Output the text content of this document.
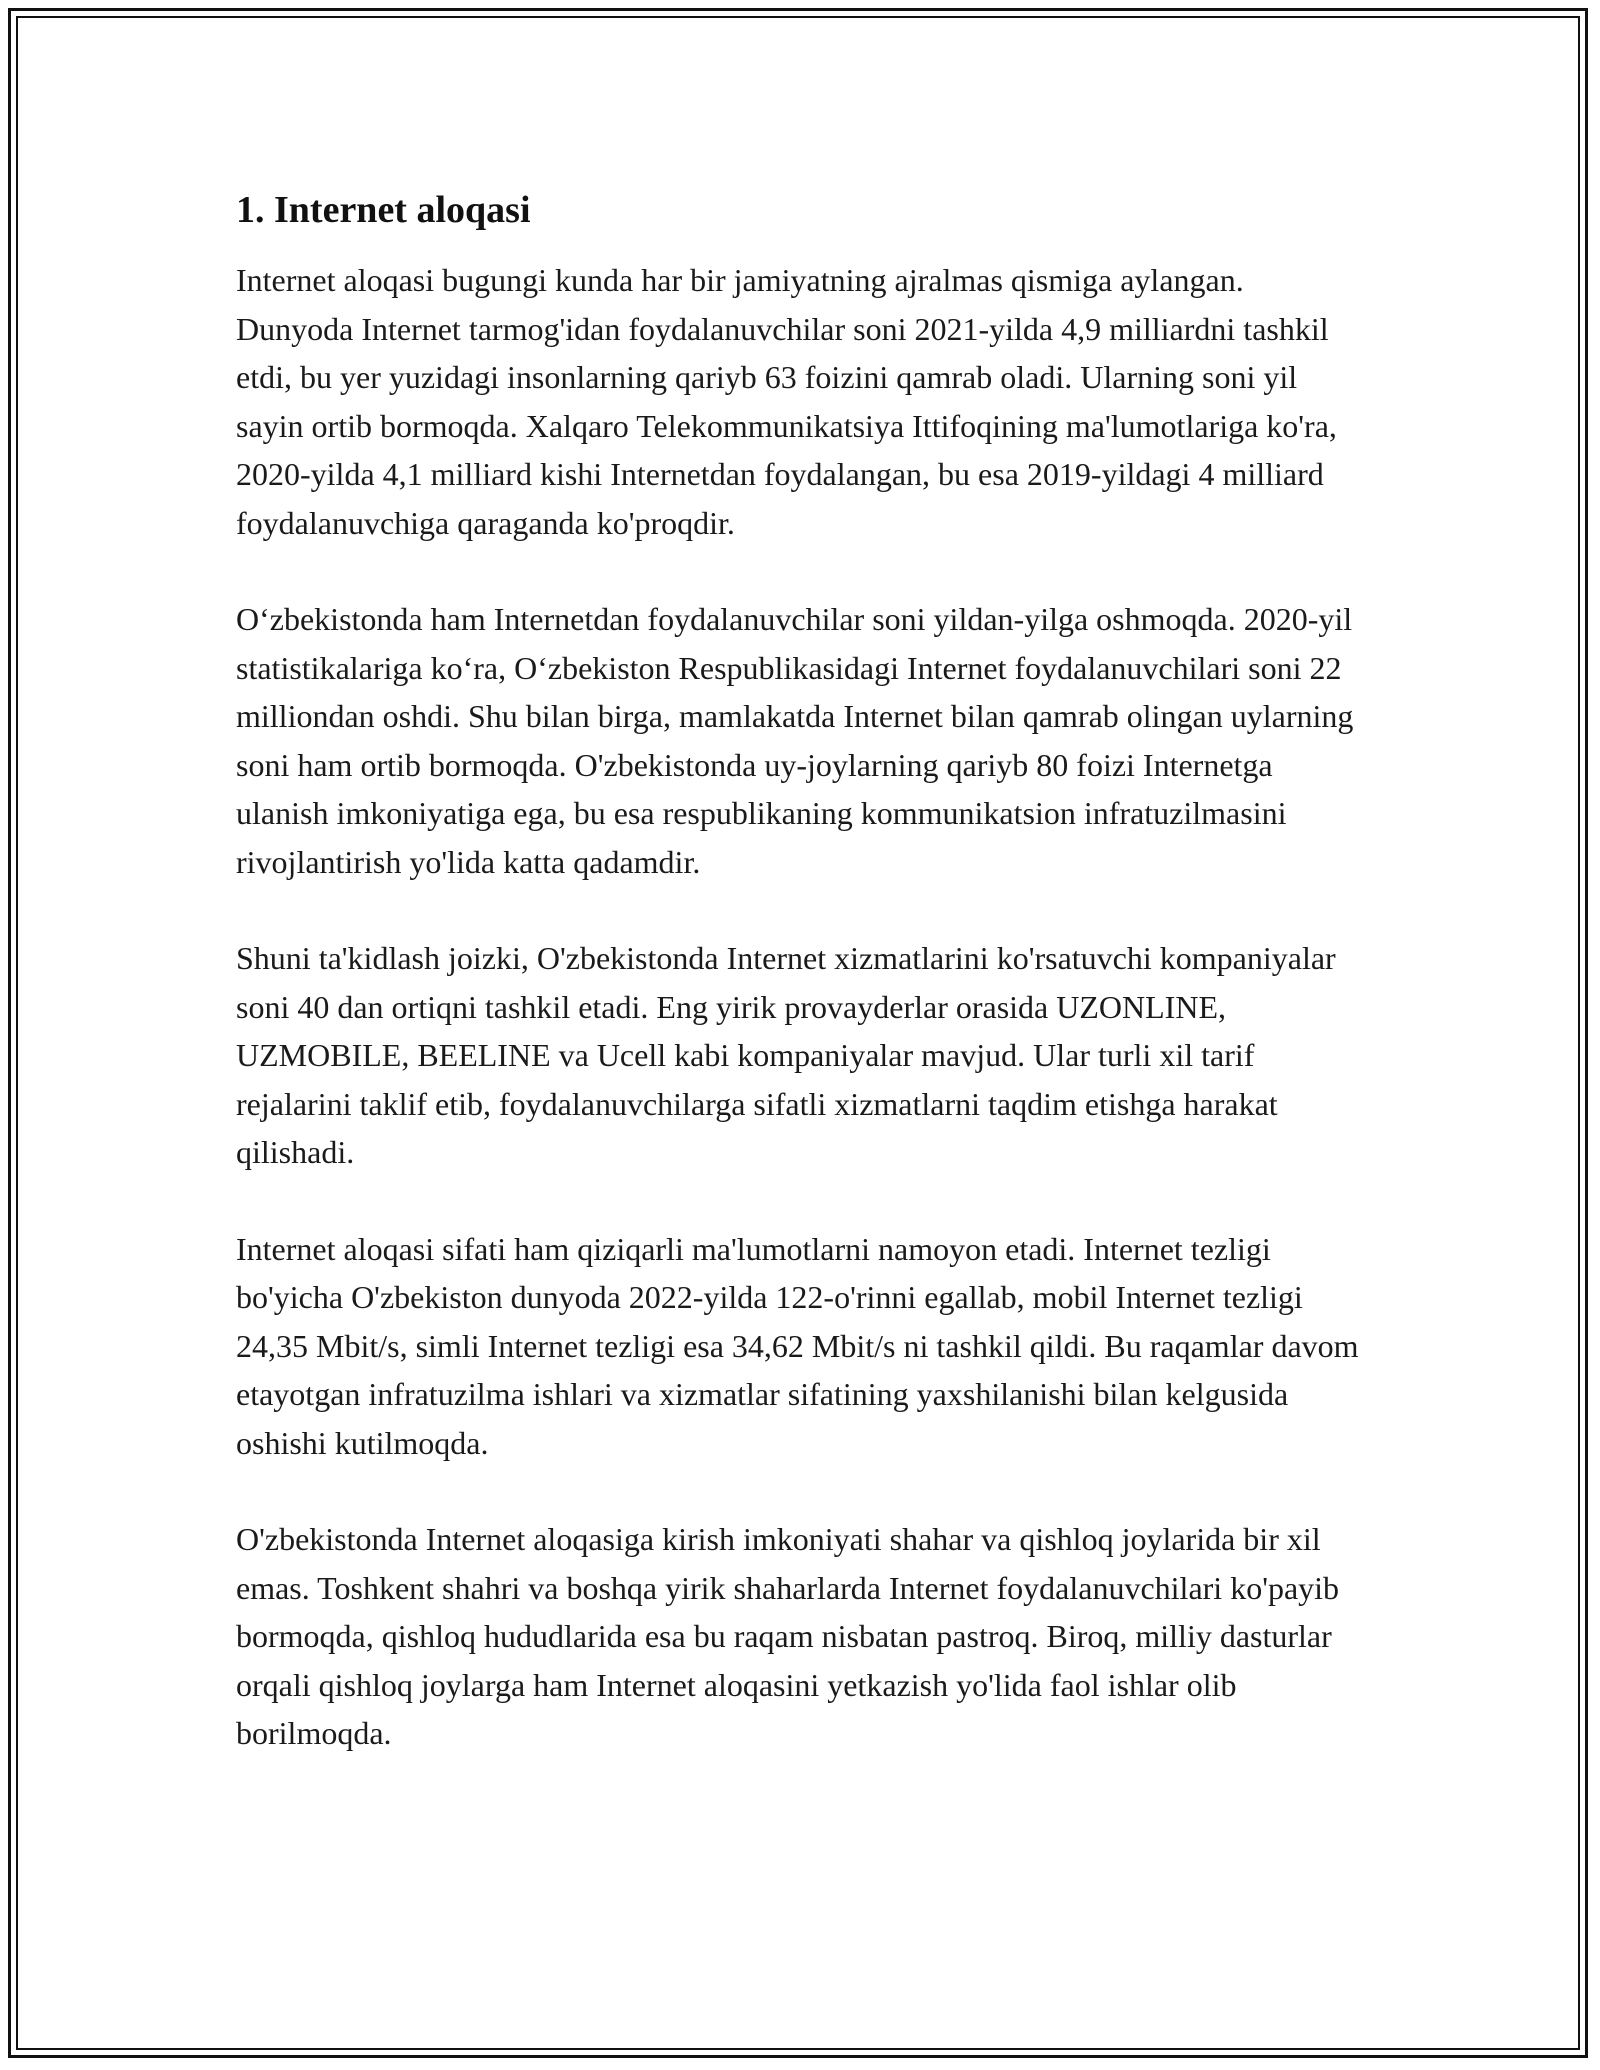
1. Internet aloqasi

Internet aloqasi bugungi kunda har bir jamiyatning ajralmas qismiga aylangan. Dunyoda Internet tarmog'idan foydalanuvchilar soni 2021-yilda 4,9 milliardni tashkil etdi, bu yer yuzidagi insonlarning qariyb 63 foizini qamrab oladi. Ularning soni yil sayin ortib bormoqda. Xalqaro Telekommunikatsiya Ittifoqining ma'lumotlariga ko'ra, 2020-yilda 4,1 milliard kishi Internetdan foydalangan, bu esa 2019-yildagi 4 milliard foydalanuvchiga qaraganda ko'proqdir.

O‘zbekistonda ham Internetdan foydalanuvchilar soni yildan-yilga oshmoqda. 2020-yil statistikalariga ko‘ra, O‘zbekiston Respublikasidagi Internet foydalanuvchilari soni 22 milliondan oshdi. Shu bilan birga, mamlakatda Internet bilan qamrab olingan uylarning soni ham ortib bormoqda. O'zbekistonda uy-joylarning qariyb 80 foizi Internetga ulanish imkoniyatiga ega, bu esa respublikaning kommunikatsion infratuzilmasini rivojlantirish yo'lida katta qadamdir.

Shuni ta'kidlash joizki, O'zbekistonda Internet xizmatlarini ko'rsatuvchi kompaniyalar soni 40 dan ortiqni tashkil etadi. Eng yirik provayderlar orasida UZONLINE, UZMOBILE, BEELINE va Ucell kabi kompaniyalar mavjud. Ular turli xil tarif rejalarini taklif etib, foydalanuvchilarga sifatli xizmatlarni taqdim etishga harakat qilishadi.

Internet aloqasi sifati ham qiziqarli ma'lumotlarni namoyon etadi. Internet tezligi bo'yicha O'zbekiston dunyoda 2022-yilda 122-o'rinni egallab, mobil Internet tezligi 24,35 Mbit/s, simli Internet tezligi esa 34,62 Mbit/s ni tashkil qildi. Bu raqamlar davom etayotgan infratuzilma ishlari va xizmatlar sifatining yaxshilanishi bilan kelgusida oshishi kutilmoqda.

O'zbekistonda Internet aloqasiga kirish imkoniyati shahar va qishloq joylarida bir xil emas. Toshkent shahri va boshqa yirik shaharlarda Internet foydalanuvchilari ko'payib bormoqda, qishloq hududlarida esa bu raqam nisbatan pastroq. Biroq, milliy dasturlar orqali qishloq joylarga ham Internet aloqasini yetkazish yo'lida faol ishlar olib borilmoqda.
